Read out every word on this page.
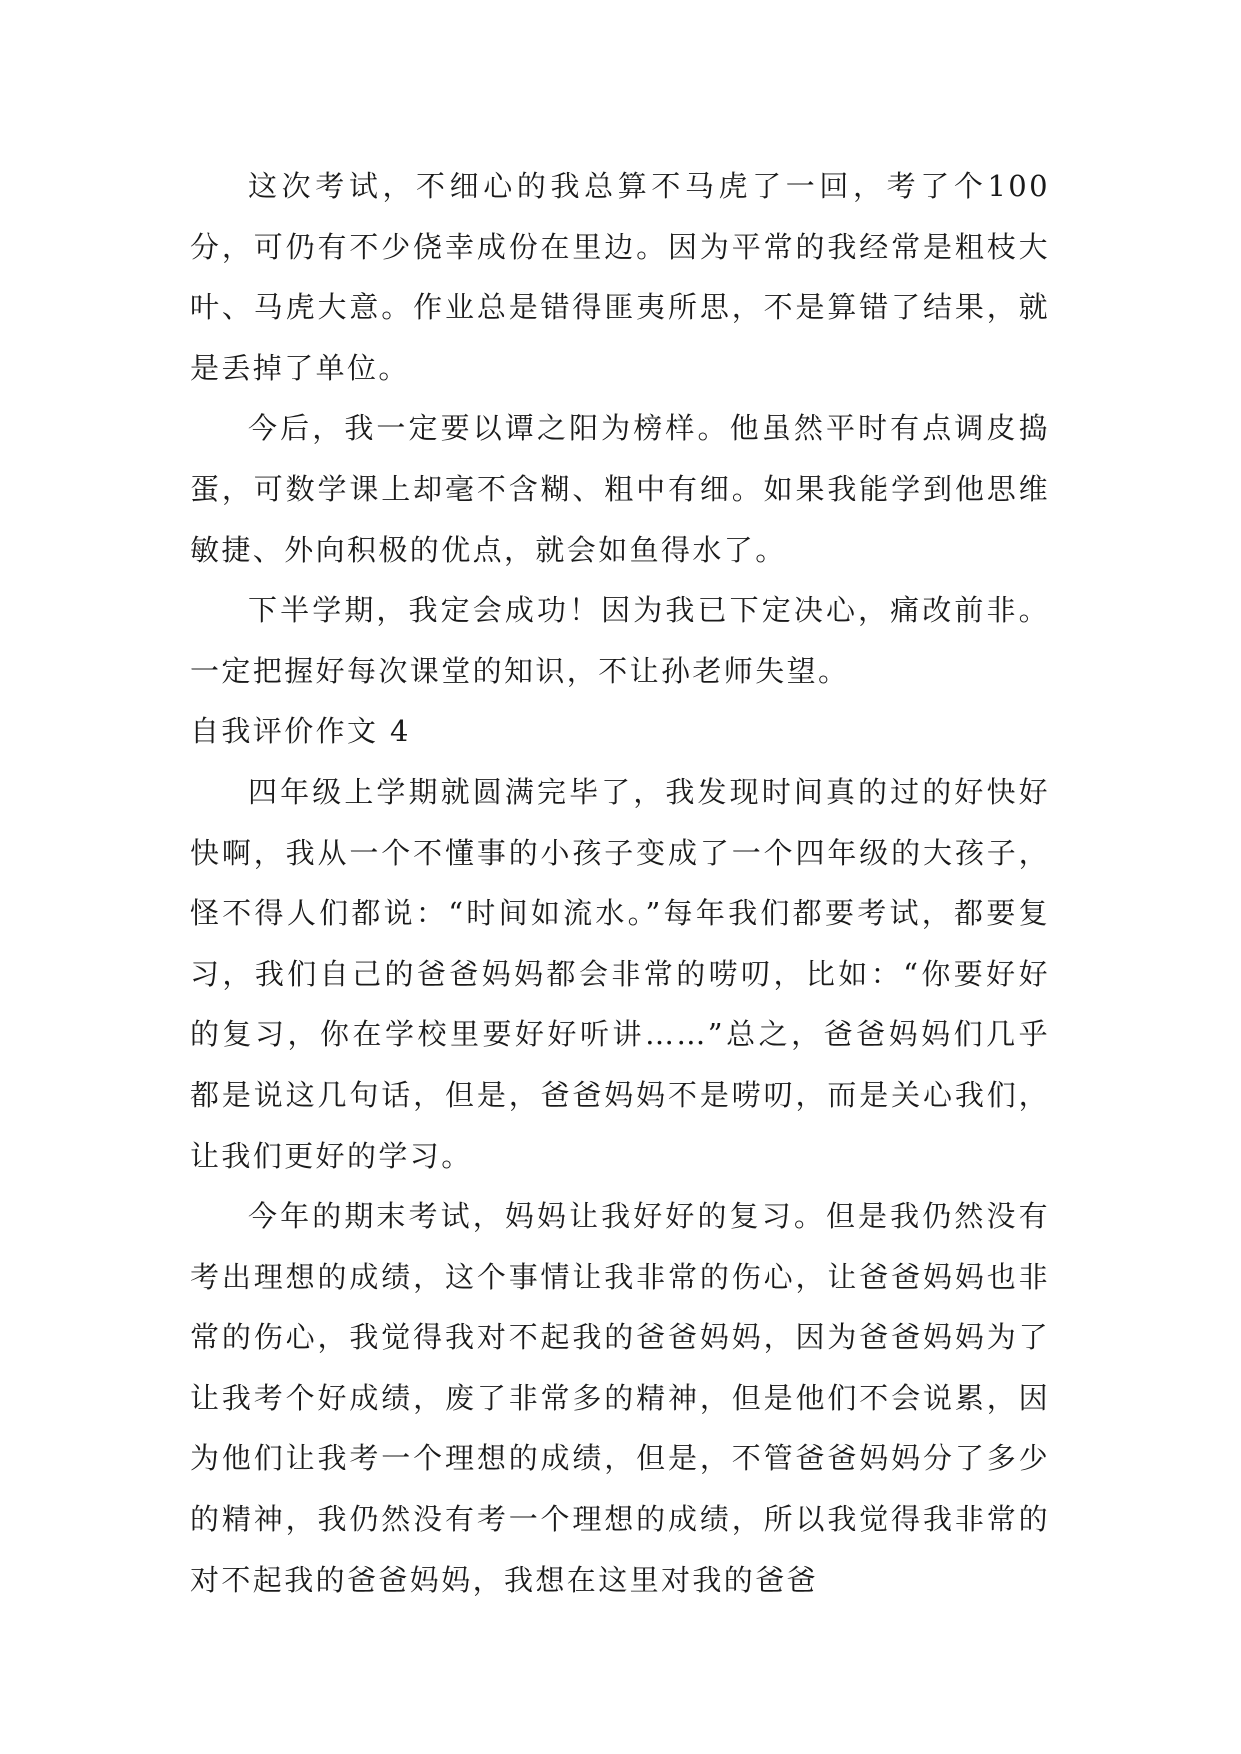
这次考试，不细心的我总算不马虎了一回，考了个100分，可仍有不少侥幸成份在里边。因为平常的我经常是粗枝大叶、马虎大意。作业总是错得匪夷所思，不是算错了结果，就是丢掉了单位。

今后，我一定要以谭之阳为榜样。他虽然平时有点调皮捣蛋，可数学课上却毫不含糊、粗中有细。如果我能学到他思维敏捷、外向积极的优点，就会如鱼得水了。

下半学期，我定会成功！因为我已下定决心，痛改前非。一定把握好每次课堂的知识，不让孙老师失望。

自我评价作文 4

四年级上学期就圆满完毕了，我发现时间真的过的好快好快啊，我从一个不懂事的小孩子变成了一个四年级的大孩子，怪不得人们都说：“时间如流水。”每年我们都要考试，都要复习，我们自己的爸爸妈妈都会非常的唠叨，比如：“你要好好的复习，你在学校里要好好听讲……”总之，爸爸妈妈们几乎都是说这几句话，但是，爸爸妈妈不是唠叨，而是关心我们，让我们更好的学习。

今年的期末考试，妈妈让我好好的复习。但是我仍然没有考出理想的成绩，这个事情让我非常的伤心，让爸爸妈妈也非常的伤心，我觉得我对不起我的爸爸妈妈，因为爸爸妈妈为了让我考个好成绩，废了非常多的精神，但是他们不会说累，因为他们让我考一个理想的成绩，但是，不管爸爸妈妈分了多少的精神，我仍然没有考一个理想的成绩，所以我觉得我非常的对不起我的爸爸妈妈，我想在这里对我的爸爸
